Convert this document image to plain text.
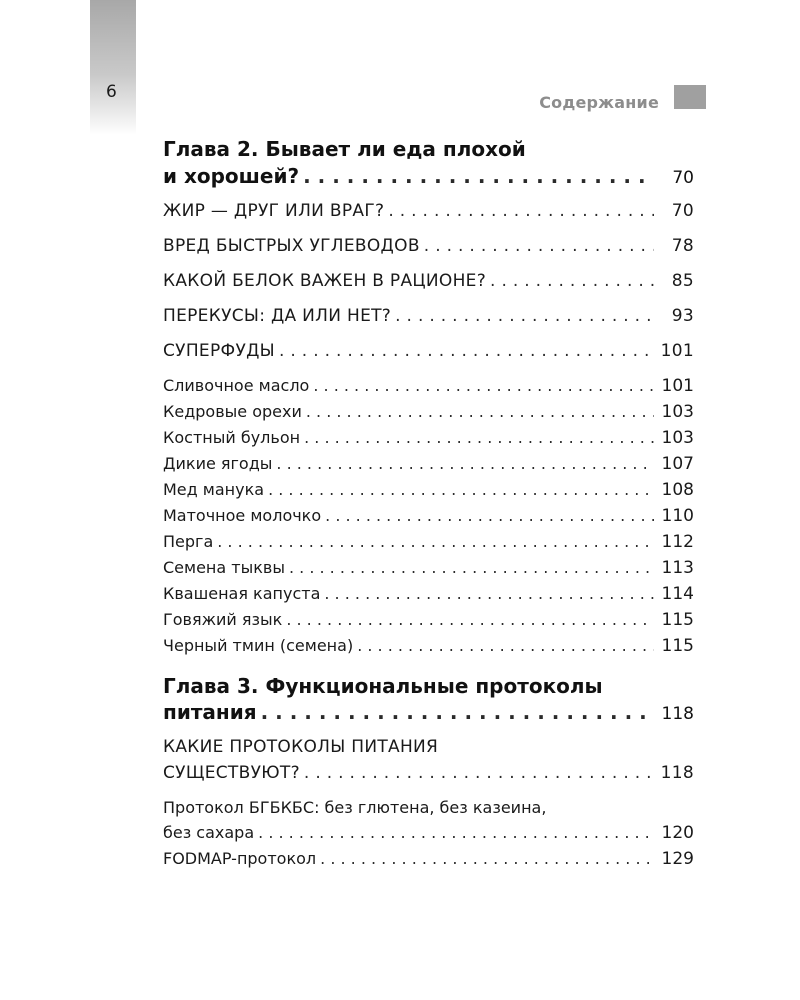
6
Содержание
Глава 2. Бывает ли еда плохой
и хорошей? . . .	70
ЖИР — ДРУГ ИЛИ ВРАГ? . . .	70
ВРЕД БЫСТРЫХ УГЛЕВОДОВ . . .	78
КАКОЙ БЕЛОК ВАЖЕН В РАЦИОНЕ? . . .	85
ПЕРЕКУСЫ: ДА ИЛИ НЕТ? . . .	93
СУПЕРФУДЫ . . .	101
Сливочное масло . . .	101
Кедровые орехи . . .	103
Костный бульон . . .	103
Дикие ягоды . . .	107
Мед манука . . .	108
Маточное молочко . . .	110
Перга . . .	112
Семена тыквы . . .	113
Квашеная капуста . . .	114
Говяжий язык . . .	115
Черный тмин (семена) . . .	115
Глава 3. Функциональные протоколы
питания . . .	118
КАКИЕ ПРОТОКОЛЫ ПИТАНИЯ
СУЩЕСТВУЮТ? . . .	118
Протокол БГБКБС: без глютена, без казеина,
без сахара . . .	120
FODMAP-протокол . . .	129
